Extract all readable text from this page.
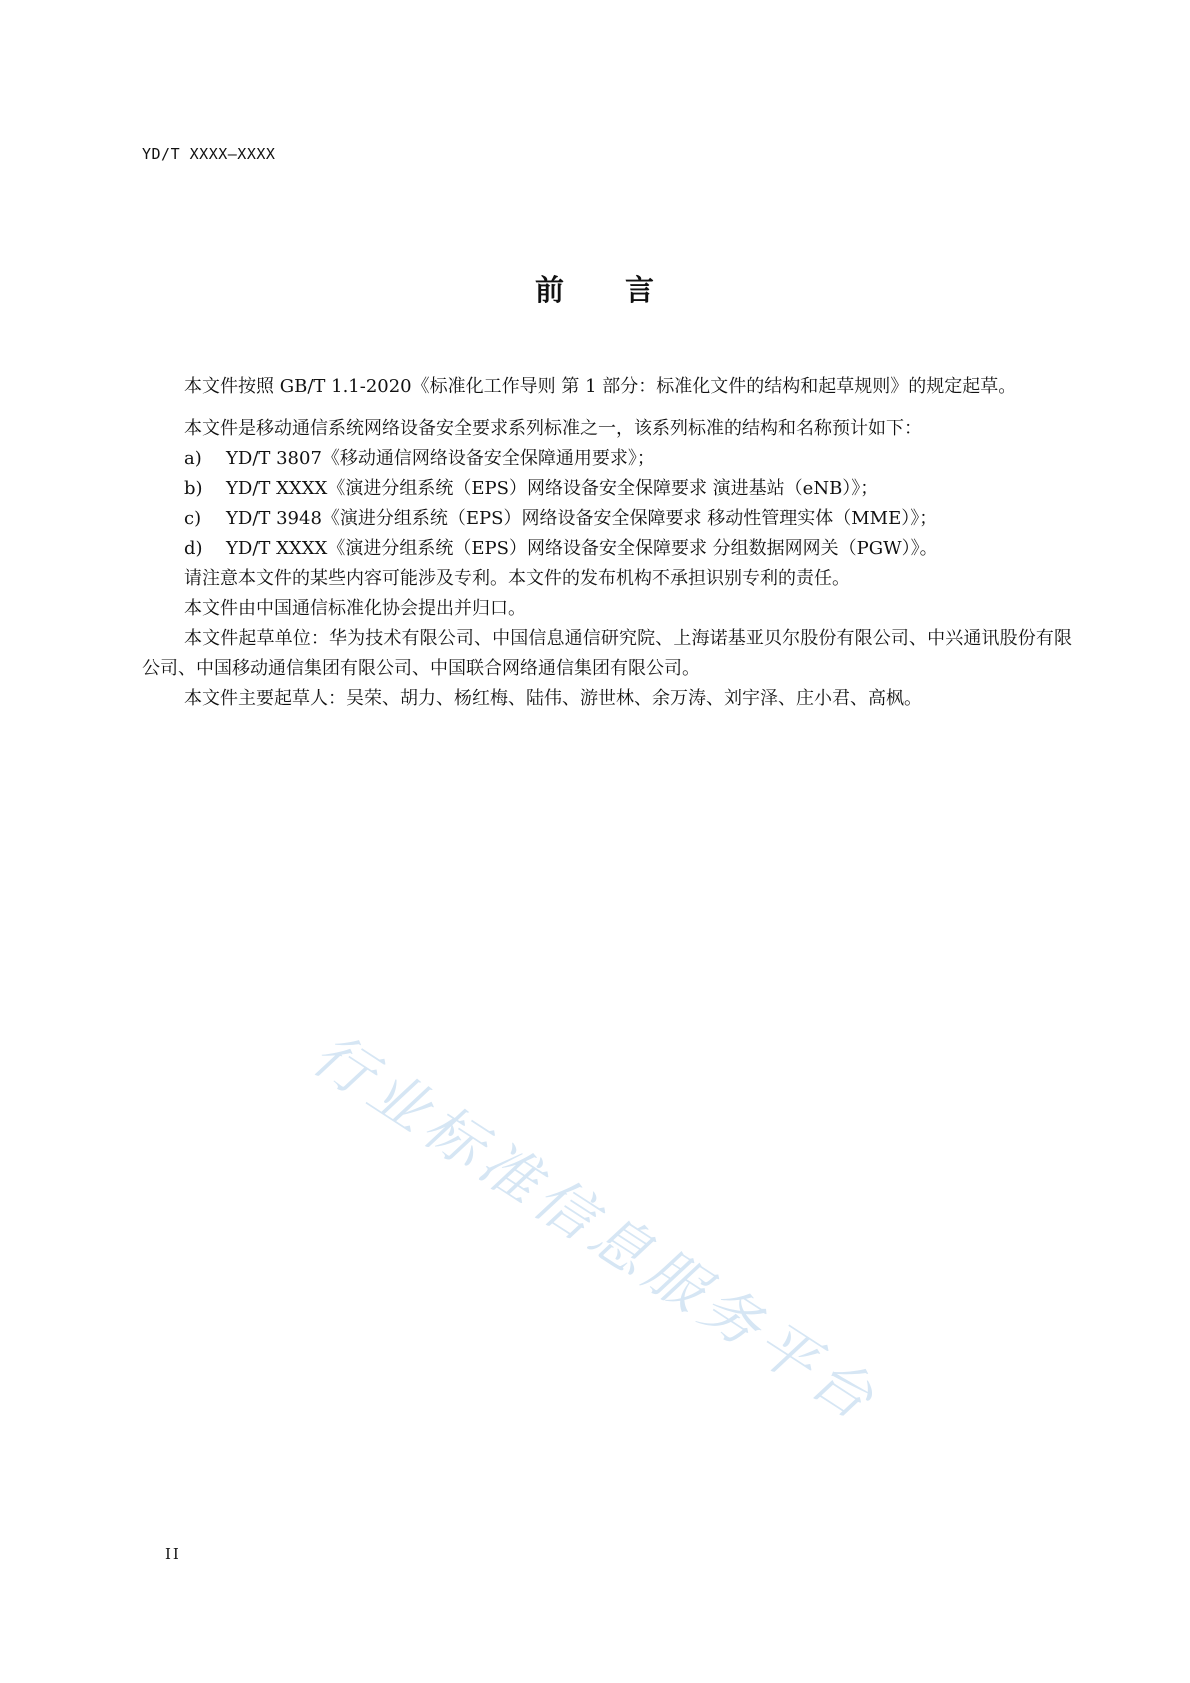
YD/T XXXX—XXXX
前 言

本文件按照 GB/T 1.1-2020《标准化工作导则 第 1 部分：标准化文件的结构和起草规则》的规定起草。

本文件是移动通信系统网络设备安全要求系列标准之一，该系列标准的结构和名称预计如下：

a) YD/T 3807《移动通信网络设备安全保障通用要求》；

b) YD/T XXXX《演进分组系统（EPS）网络设备安全保障要求 演进基站（eNB）》；

c) YD/T 3948《演进分组系统（EPS）网络设备安全保障要求 移动性管理实体（MME）》；

d) YD/T XXXX《演进分组系统（EPS）网络设备安全保障要求 分组数据网网关（PGW）》。

请注意本文件的某些内容可能涉及专利。本文件的发布机构不承担识别专利的责任。

本文件由中国通信标准化协会提出并归口。

本文件起草单位：华为技术有限公司、中国信息通信研究院、上海诺基亚贝尔股份有限公司、中兴通讯股份有限公司、中国移动通信集团有限公司、中国联合网络通信集团有限公司。

本文件主要起草人：吴荣、胡力、杨红梅、陆伟、游世林、余万涛、刘宇泽、庄小君、高枫。

行业标准信息服务平台
II
